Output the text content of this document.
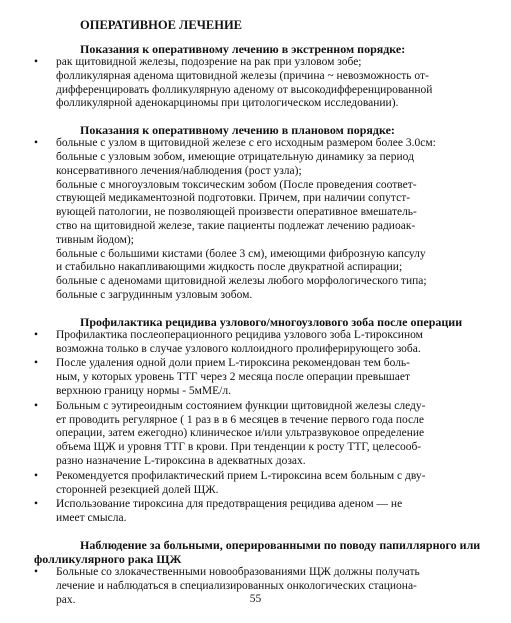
ОПЕРАТИВНОЕ ЛЕЧЕНИЕ
Показания к оперативному лечению в экстренном порядке:
•	рак щитовидной железы, подозрение на рак при узловом зобе;
фолликулярная аденома щитовидной железы (причина ~ невозможность от-
дифференцировать фолликулярную аденому от высокодифференцированной
фолликулярной аденокарциномы при цитологическом исследовании).
Показания к оперативному лечению в плановом порядке:
•	больные с узлом в щитовидной железе с его исходным размером более 3.0см:
больные с узловым зобом, имеющие отрицательную динамику за период
консервативного лечения/наблюдения (рост узла);
больные с многоузловым токсическим зобом (После проведения соответ-
ствующей медикаментозной подготовки. Причем, при наличии сопутст-
вующей патологии, не позволяющей произвести оперативное вмешатель-
ство на щитовидной железе, такие пациенты подлежат лечению радиоак-
тивным йодом);
больные с большими кистами (более 3 см), имеющими фиброзную капсулу
и стабильно накапливающими жидкость после двукратной аспирации;
больные с аденомами щитовидной железы любого морфологического типа;
больные с загрудинным узловым зобом.
Профилактика рецидива узлового/многоузлового зоба после операции
•	Профилактика послеоперационного рецидива узлового зоба L-тироксином
возможна только в случае узлового коллоидного пролиферирующего зоба.
•	После удаления одной доли прием L-тироксина рекомендован тем боль-
ным, у которых уровень ТТГ через 2 месяца после операции превышает
верхнюю границу нормы - 5мМЕ/л.
•	Больным с эутиреоидным состоянием функции щитовидной железы следу-
ет проводить регулярное ( 1 раз в в 6 месяцев в течение первого года после
операции, затем ежегодно) клиническое и/или ультразвуковое определение
объема ЩЖ и уровня ТТГ в крови. При тенденции к росту ТТГ, целесооб-
разно назначение L-тироксина в адекватных дозах.
•	Рекомендуется профилактический прием L-тироксина всем больным с дву-
сторонней резекцией долей ЩЖ.
•	Использование тироксина для предотвращения рецидива аденом — не
имеет смысла.
Наблюдение за больными, оперированными по поводу папиллярного или фолликулярного рака ЩЖ
•	Больные со злокачественными новообразованиями ЩЖ должны получать
лечение и наблюдаться в специализированных онкологических стациона-
рах.	55
